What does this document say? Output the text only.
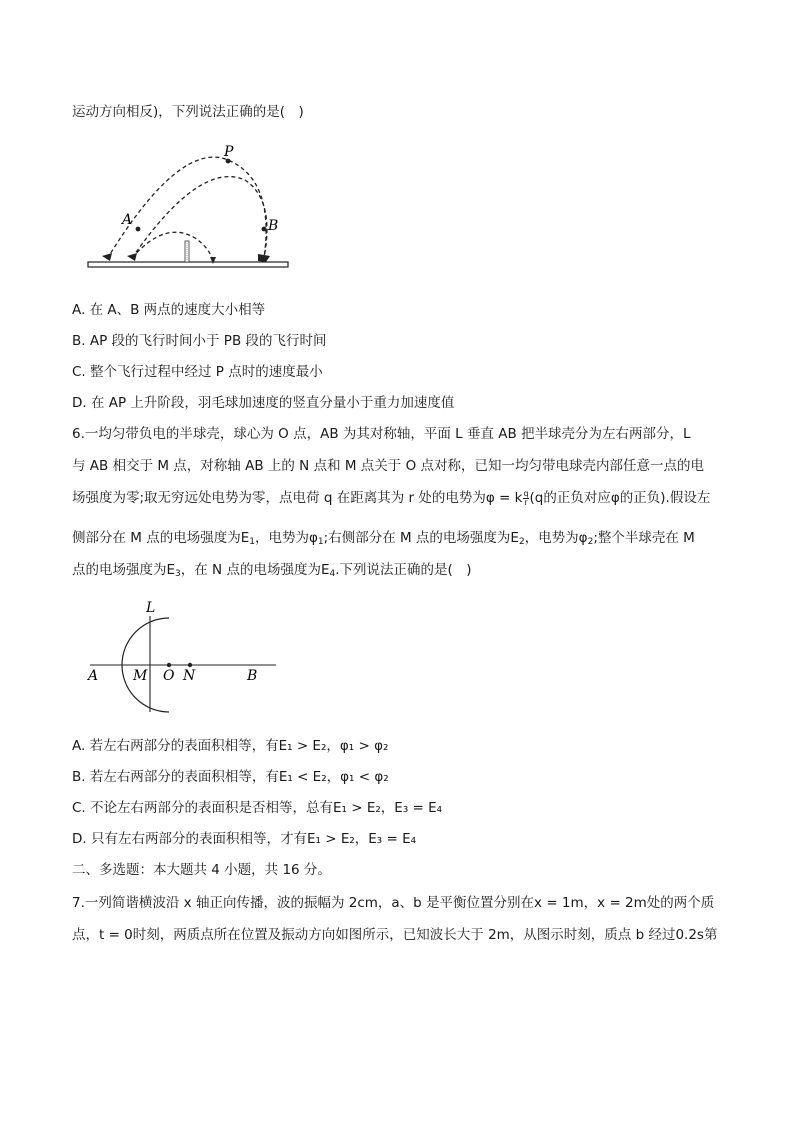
运动方向相反)，下列说法正确的是(　)
P
A	B
A. 在 A、B 两点的速度大小相等
B. AP 段的飞行时间小于 PB 段的飞行时间
C. 整个飞行过程中经过 P 点时的速度最小
D. 在 AP 上升阶段，羽毛球加速度的竖直分量小于重力加速度值
6.一均匀带负电的半球壳，球心为 O 点，AB 为其对称轴，平面 L 垂直 AB 把半球壳分为左右两部分，L
与 AB 相交于 M 点，对称轴 AB 上的 N 点和 M 点关于 O 点对称，已知一均匀带电球壳内部任意一点的电
场强度为零;取无穷远处电势为零，点电荷 q 在距离其为 r 处的电势为φ = k $\frac{q}{r} (q$的正负对应φ的正负).假设左
侧部分在 M 点的电场强度为$E_1$，电势为$\varphi_1$;右侧部分在 M 点的电场强度为$E_2$，电势为$\varphi_2$;整个半球壳在 M
点的电场强度为$E_3$，在 N 点的电场强度为$E_4$.下列说法正确的是(　)
L
A M O N	B
A. 若左右两部分的表面积相等，有E₁ > E₂，φ₁ > φ₂
B. 若左右两部分的表面积相等，有E₁ < E₂，φ₁ < φ₂
C. 不论左右两部分的表面积是否相等，总有E₁ > E₂，E₃ = E₄
D. 只有左右两部分的表面积相等，才有E₁ > E₂，E₃ = E₄
二、多选题：本大题共 4 小题，共 16 分。
7.一列简谐横波沿 x 轴正向传播，波的振幅为 2cm，a、b 是平衡位置分别在x = 1m，x = 2m处的两个质
点，t = 0时刻，两质点所在位置及振动方向如图所示，已知波长大于 2m，从图示时刻，质点 b 经过0.2s第
